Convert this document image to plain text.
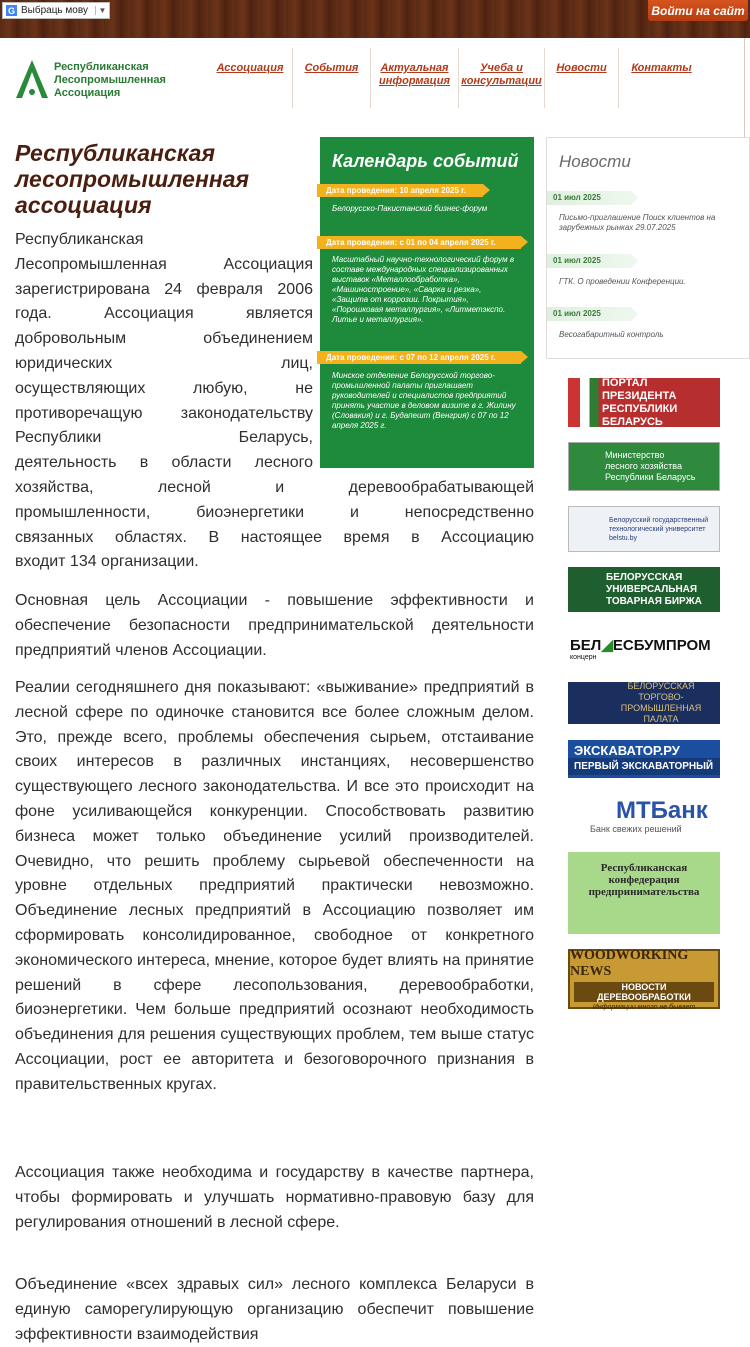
G Выбраць мову	▼	Войти на сайт
Республиканская
Лесопромышленная
Ассоциация
Ассоциация События Актуальная
информация
Учеба и
консультации
Новости Контакты
Республиканская
лесопромышленная
ассоциация
Республиканская
Лесопромышленная Ассоциация
зарегистрирована 24 февраля 2006
года. Ассоциация является
добровольным объединением
юридических лиц,
осуществляющих любую, не
противоречащую законодательству
Республики Беларусь,
деятельность в области лесного
хозяйства, лесной и деревообрабатывающей
промышленности, биоэнергетики и непосредственно
связанных областях. В настоящее время в Ассоциацию
входит 134 организации.
Основная цель Ассоциации - повышение эффективности и обеспечение безопасности предпринимательской деятельности предприятий членов Ассоциации.
Реалии сегодняшнего дня показывают: «выживание» предприятий в лесной сфере по одиночке становится все более сложным делом. Это, прежде всего, проблемы обеспечения сырьем, отстаивание своих интересов в различных инстанциях, несовершенство существующего лесного законодательства. И все это происходит на фоне усиливающейся конкуренции. Способствовать развитию бизнеса может только объединение усилий производителей. Очевидно, что решить проблему сырьевой обеспеченности на уровне отдельных предприятий практически невозможно. Объединение лесных предприятий в Ассоциацию позволяет им сформировать консолидированное, свободное от конкретного экономического интереса, мнение, которое будет влиять на принятие решений в сфере лесопользования, деревообработки, биоэнергетики. Чем больше предприятий осознают необходимость объединения для решения существующих проблем, тем выше статус Ассоциации, рост ее авторитета и безоговорочного признания в правительственных кругах.
Ассоциация также необходима и государству в качестве партнера, чтобы формировать и улучшать нормативно-правовую базу для регулирования отношений в лесной сфере.
Объединение «всех здравых сил» лесного комплекса Беларуси в единую саморегулирующую организацию обеспечит повышение эффективности взаимодействия
Календарь событий
Дата проведения: 10 апреля 2025 г.
Белорусско-Пакистанский бизнес-форум
Дата проведения: с 01 по 04 апреля 2025 г.
Масштабный научно-технологический форум в составе международных специализированных выставок «Металлообработка», «Машиностроение», «Сварка и резка», «Защита от коррозии. Покрытия», «Порошковая металлургия», «Литметэкспо. Литье и металлургия».
Дата проведения: с 07 по 12 апреля 2025 г.
Минское отделение Белорусской торгово-промышленной палаты приглашает руководителей и специалистов предприятий принять участие в деловом визите в г. Жилину (Словакия) и г. Будапешт (Венгрия) с 07 по 12 апреля 2025 г.
Новости
01 июл 2025
Письмо-приглашение Поиск клиентов на зарубежных рынках 29.07.2025
01 июл 2025
ГТК. О проведении Конференции.
01 июл 2025
Весогабаритный контроль
ПОРТАЛ
ПРЕЗИДЕНТА
РЕСПУБЛИКИ БЕЛАРУСЬ
Министерство
лесного хозяйства
Республики Беларусь
Белорусский государственный
технологический университет
belstu.by
БЕЛОРУССКАЯ
УНИВЕРСАЛЬНАЯ
ТОВАРНАЯ БИРЖА
БЕЛ◢ЕСБУМПРОМ
концерн
БЕЛОРУССКАЯ
ТОРГОВО-ПРОМЫШЛЕННАЯ
ПАЛАТА
ЭКСКАВАТОР.РУ
ПЕРВЫЙ ЭКСКАВАТОРНЫЙ
МТБанк
Банк свежих решений
Республиканская
конфедерация
предпринимательства
WOODWORKING NEWS
НОВОСТИ ДЕРЕВООБРАБОТКИ
Информации много не бывает
